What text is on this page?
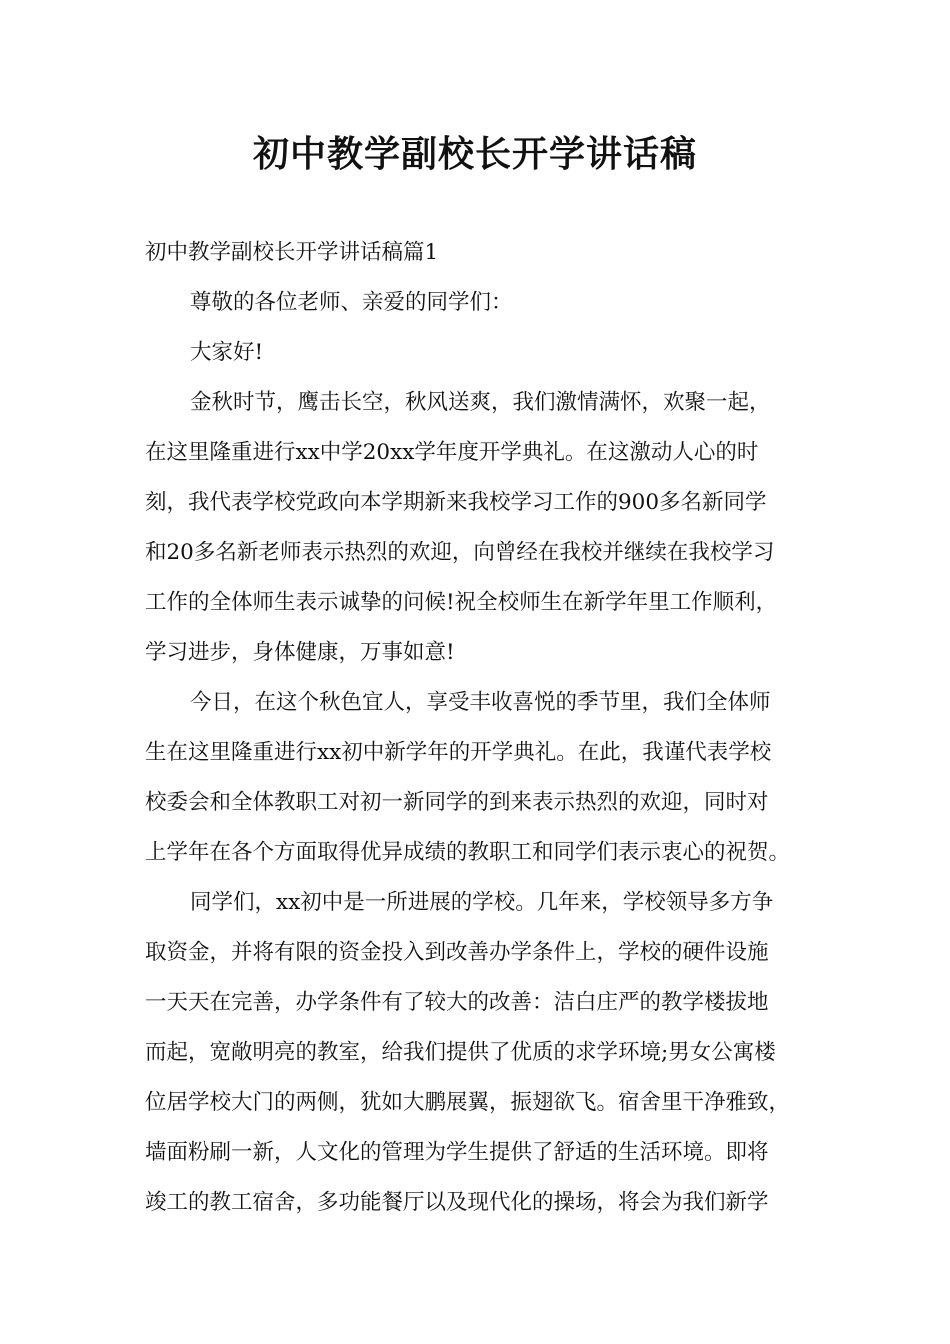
初中教学副校长开学讲话稿

初中教学副校长开学讲话稿篇1

尊敬的各位老师、亲爱的同学们：

大家好!

金秋时节，鹰击长空，秋风送爽，我们激情满怀，欢聚一起，

在这里隆重进行xx中学20xx学年度开学典礼。在这激动人心的时

刻，我代表学校党政向本学期新来我校学习工作的900多名新同学

和20多名新老师表示热烈的欢迎，向曾经在我校并继续在我校学习

工作的全体师生表示诚挚的问候!祝全校师生在新学年里工作顺利，

学习进步，身体健康，万事如意!

今日，在这个秋色宜人，享受丰收喜悦的季节里，我们全体师

生在这里隆重进行xx初中新学年的开学典礼。在此，我谨代表学校

校委会和全体教职工对初一新同学的到来表示热烈的欢迎，同时对

上学年在各个方面取得优异成绩的教职工和同学们表示衷心的祝贺。

同学们，xx初中是一所进展的学校。几年来，学校领导多方争

取资金，并将有限的资金投入到改善办学条件上，学校的硬件设施

一天天在完善，办学条件有了较大的改善：洁白庄严的教学楼拔地

而起，宽敞明亮的教室，给我们提供了优质的求学环境;男女公寓楼

位居学校大门的两侧，犹如大鹏展翼，振翅欲飞。宿舍里干净雅致，

墙面粉刷一新，人文化的管理为学生提供了舒适的生活环境。即将

竣工的教工宿舍，多功能餐厅以及现代化的操场，将会为我们新学
